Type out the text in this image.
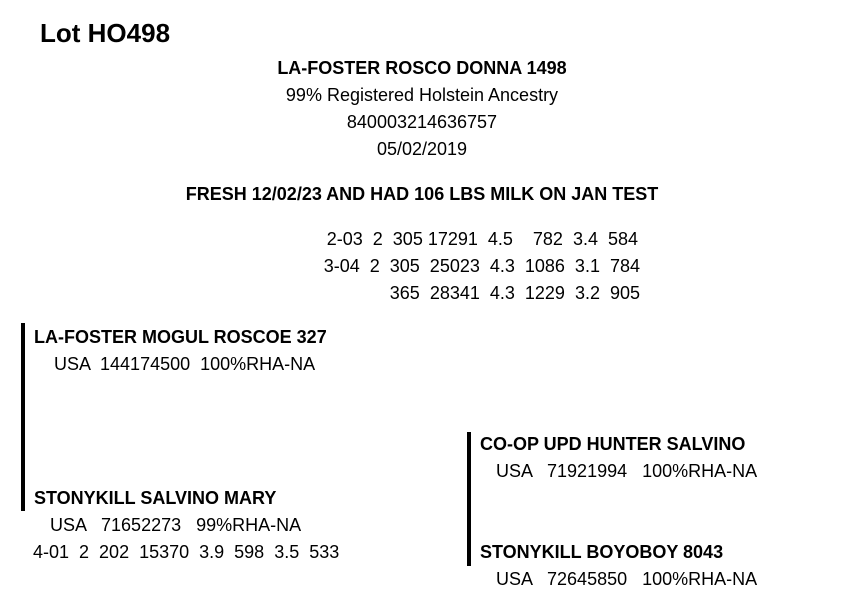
Lot HO498
LA-FOSTER ROSCO DONNA 1498
99% Registered Holstein Ancestry
840003214636757
05/02/2019
FRESH 12/02/23 AND HAD 106 LBS MILK ON JAN TEST
2-03  2  305 17291  4.5    782  3.4  584
3-04  2  305  25023  4.3  1086  3.1  784
365  28341  4.3  1229  3.2  905
LA-FOSTER MOGUL ROSCOE 327
USA  144174500  100%RHA-NA
STONYKILL SALVINO MARY
USA   71652273   99%RHA-NA
4-01  2  202  15370  3.9  598  3.5  533
CO-OP UPD HUNTER SALVINO
USA   71921994   100%RHA-NA
STONYKILL BOYOBOY 8043
USA   72645850   100%RHA-NA
